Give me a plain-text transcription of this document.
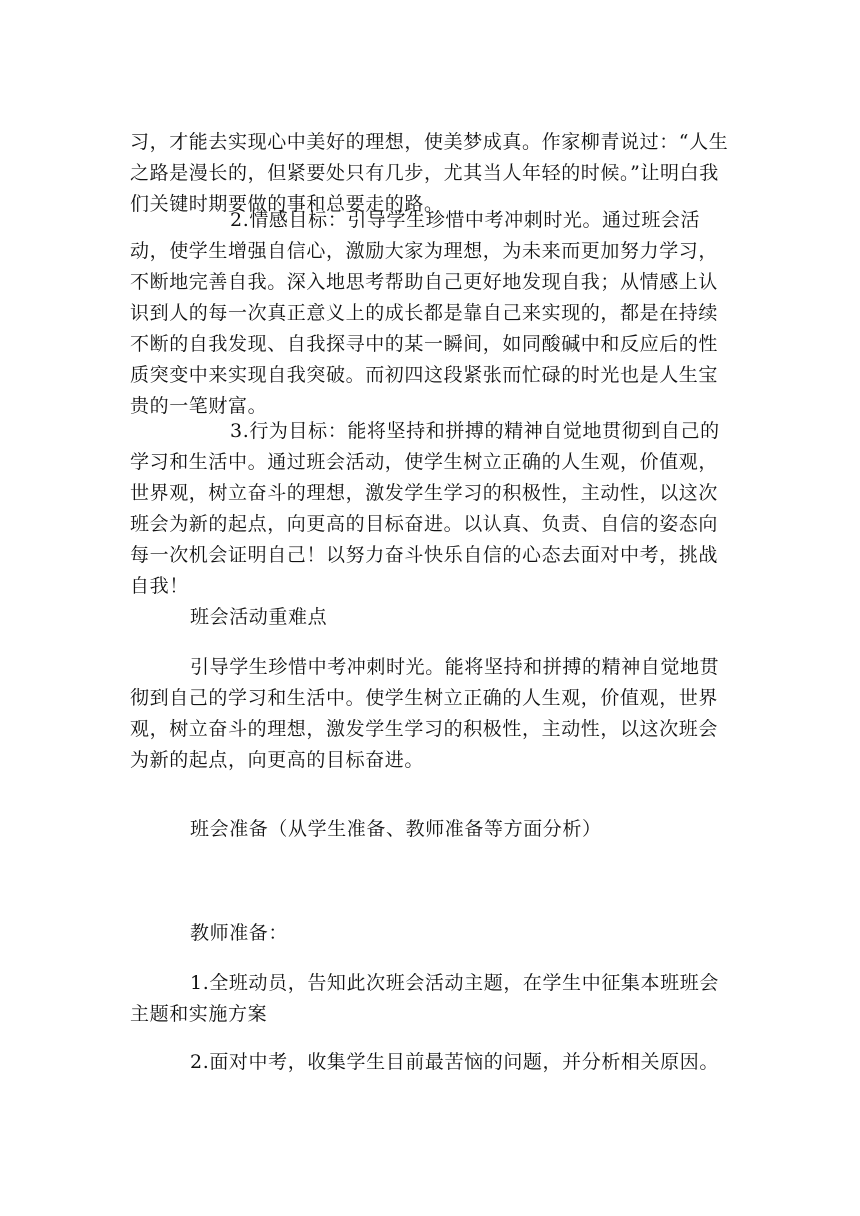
习，才能去实现心中美好的理想，使美梦成真。作家柳青说过：“人生之路是漫长的，但紧要处只有几步，尤其当人年轻的时候。”让明白我们关键时期要做的事和总要走的路。

2.情感目标：引导学生珍惜中考冲刺时光。通过班会活动，使学生增强自信心，激励大家为理想，为未来而更加努力学习，不断地完善自我。深入地思考帮助自己更好地发现自我；从情感上认识到人的每一次真正意义上的成长都是靠自己来实现的，都是在持续不断的自我发现、自我探寻中的某一瞬间，如同酸碱中和反应后的性质突变中来实现自我突破。而初四这段紧张而忙碌的时光也是人生宝贵的一笔财富。

3.行为目标：能将坚持和拼搏的精神自觉地贯彻到自己的学习和生活中。通过班会活动，使学生树立正确的人生观，价值观，世界观，树立奋斗的理想，激发学生学习的积极性，主动性，以这次班会为新的起点，向更高的目标奋进。以认真、负责、自信的姿态向每一次机会证明自己！以努力奋斗快乐自信的心态去面对中考，挑战自我！

班会活动重难点

引导学生珍惜中考冲刺时光。能将坚持和拼搏的精神自觉地贯彻到自己的学习和生活中。使学生树立正确的人生观，价值观，世界观，树立奋斗的理想，激发学生学习的积极性，主动性，以这次班会为新的起点，向更高的目标奋进。

班会准备（从学生准备、教师准备等方面分析）

教师准备：

1.全班动员，告知此次班会活动主题，在学生中征集本班班会主题和实施方案

2.面对中考，收集学生目前最苦恼的问题，并分析相关原因。
